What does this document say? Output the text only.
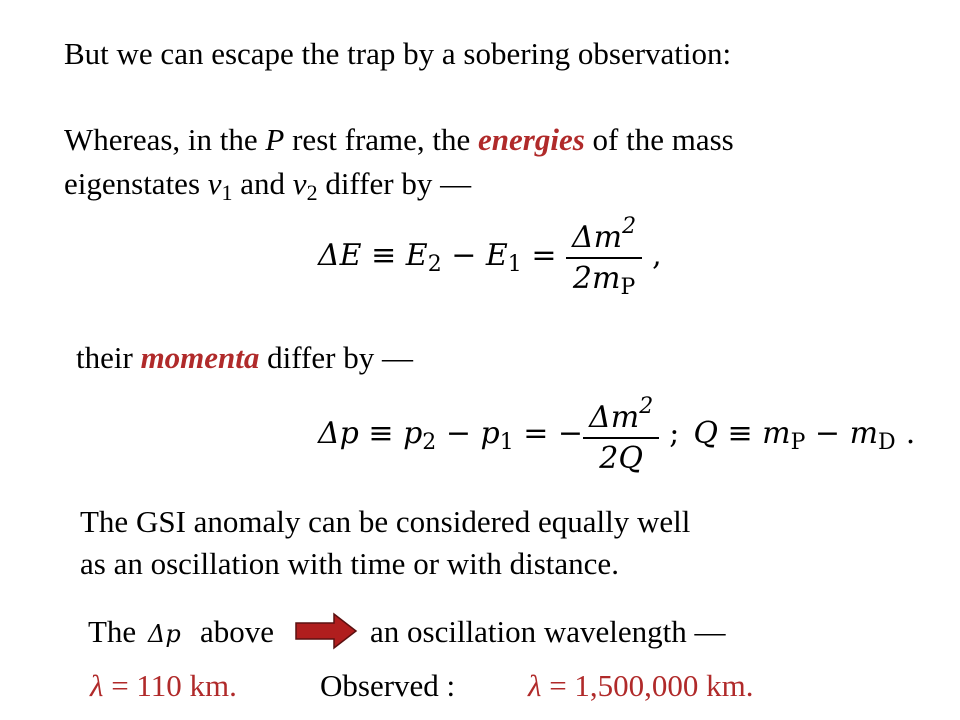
But we can escape the trap by a sobering observation:
Whereas, in the P rest frame, the energies of the mass
eigenstates $\nu_1$ and $\nu_2$ differ by —
$\Delta E \equiv E_2 - E_1 = \frac{\Delta m^2}{2m_P}$ ,
their momenta differ by —
$\Delta p \equiv p_2 - p_1$ = − $\frac{\Delta m^2}{2Q}$ ; $Q \equiv m_P - m_D$ .
The GSI anomaly can be considered equally well
as an oscillation with time or with distance.
The Δp above	an oscillation wavelength —
λ = 110 km.	Observed : λ = 1,500,000 km.
